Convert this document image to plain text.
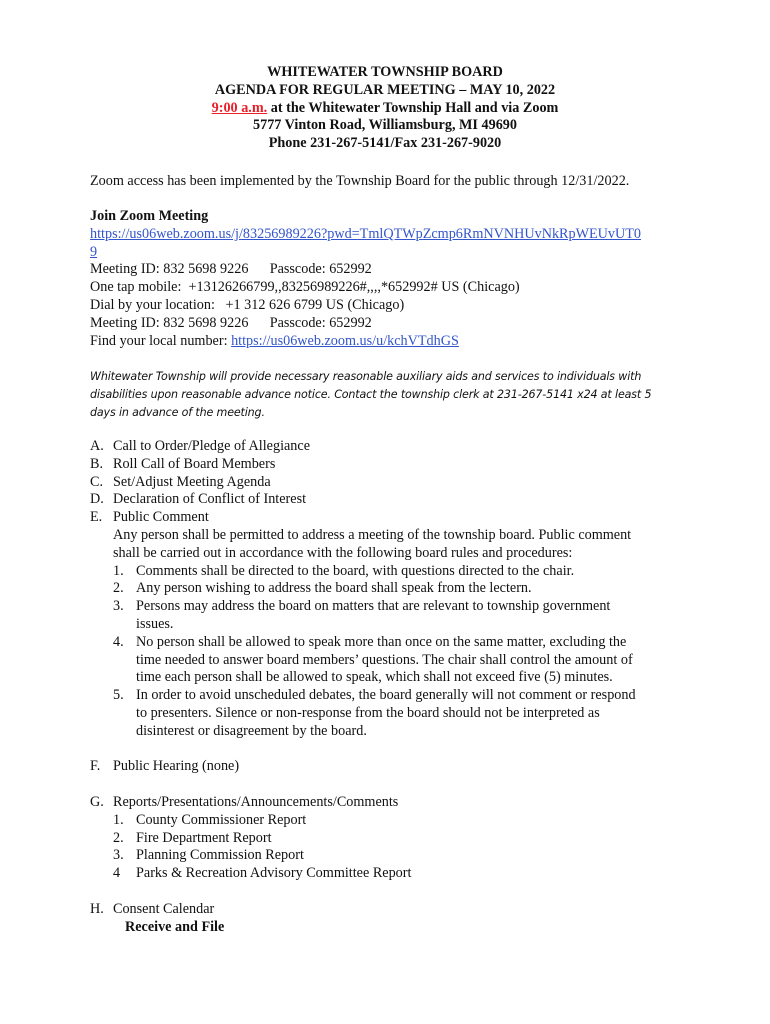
WHITEWATER TOWNSHIP BOARD
AGENDA FOR REGULAR MEETING – MAY 10, 2022
9:00 a.m. at the Whitewater Township Hall and via Zoom
5777 Vinton Road, Williamsburg, MI 49690
Phone 231-267-5141/Fax 231-267-9020
Zoom access has been implemented by the Township Board for the public through 12/31/2022.
Join Zoom Meeting
https://us06web.zoom.us/j/83256989226?pwd=TmlQTWpZcmp6RmNVNHUvNkRpWEUvUT0
9
Meeting ID: 832 5698 9226      Passcode: 652992
One tap mobile:  +13126266799,,83256989226#,,,,*652992# US (Chicago)
Dial by your location:   +1 312 626 6799 US (Chicago)
Meeting ID: 832 5698 9226      Passcode: 652992
Find your local number: https://us06web.zoom.us/u/kchVTdhGS
Whitewater Township will provide necessary reasonable auxiliary aids and services to individuals with
disabilities upon reasonable advance notice. Contact the township clerk at 231-267-5141 x24 at least 5
days in advance of the meeting.
A. Call to Order/Pledge of Allegiance
B. Roll Call of Board Members
C. Set/Adjust Meeting Agenda
D. Declaration of Conflict of Interest
E. Public Comment
Any person shall be permitted to address a meeting of the township board. Public comment
shall be carried out in accordance with the following board rules and procedures:
1. Comments shall be directed to the board, with questions directed to the chair.
2. Any person wishing to address the board shall speak from the lectern.
3. Persons may address the board on matters that are relevant to township government
issues.
4. No person shall be allowed to speak more than once on the same matter, excluding the
time needed to answer board members’ questions. The chair shall control the amount of
time each person shall be allowed to speak, which shall not exceed five (5) minutes.
5. In order to avoid unscheduled debates, the board generally will not comment or respond
to presenters. Silence or non-response from the board should not be interpreted as
disinterest or disagreement by the board.
F. Public Hearing (none)
G. Reports/Presentations/Announcements/Comments
1. County Commissioner Report
2. Fire Department Report
3. Planning Commission Report
4 Parks & Recreation Advisory Committee Report
H. Consent Calendar
Receive and File
